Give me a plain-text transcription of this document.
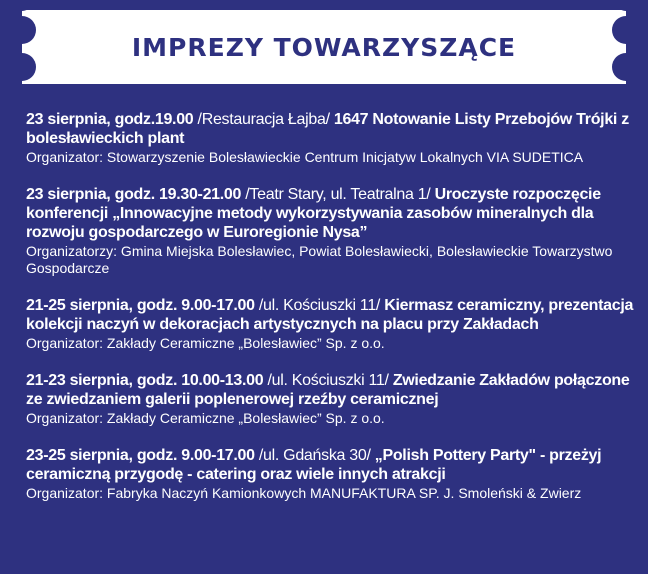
IMPREZY TOWARZYSZĄCE
23 sierpnia, godz.19.00 /Restauracja Łajba/ 1647 Notowanie Listy Przebojów Trójki z bolesławieckich plant
Organizator: Stowarzyszenie Bolesławieckie Centrum Inicjatyw Lokalnych VIA SUDETICA
23 sierpnia, godz. 19.30-21.00 /Teatr Stary, ul. Teatralna 1/ Uroczyste rozpoczęcie konferencji „Innowacyjne metody wykorzystywania zasobów mineralnych dla rozwoju gospodarczego w Euroregionie Nysa”
Organizatorzy: Gmina Miejska Bolesławiec, Powiat Bolesławiecki, Bolesławieckie Towarzystwo Gospodarcze
21-25 sierpnia, godz. 9.00-17.00 /ul. Kościuszki 11/ Kiermasz ceramiczny, prezentacja kolekcji naczyń w dekoracjach artystycznych na placu przy Zakładach
Organizator: Zakłady Ceramiczne „Bolesławiec” Sp. z o.o.
21-23 sierpnia, godz. 10.00-13.00 /ul. Kościuszki 11/ Zwiedzanie Zakładów połączone ze zwiedzaniem galerii poplenerowej rzeźby ceramicznej
Organizator: Zakłady Ceramiczne „Bolesławiec” Sp. z o.o.
23-25 sierpnia, godz. 9.00-17.00 /ul. Gdańska 30/ „Polish Pottery Party" - przeżyj ceramiczną przygodę - catering oraz wiele innych atrakcji
Organizator: Fabryka Naczyń Kamionkowych MANUFAKTURA SP. J. Smoleński & Zwierz
